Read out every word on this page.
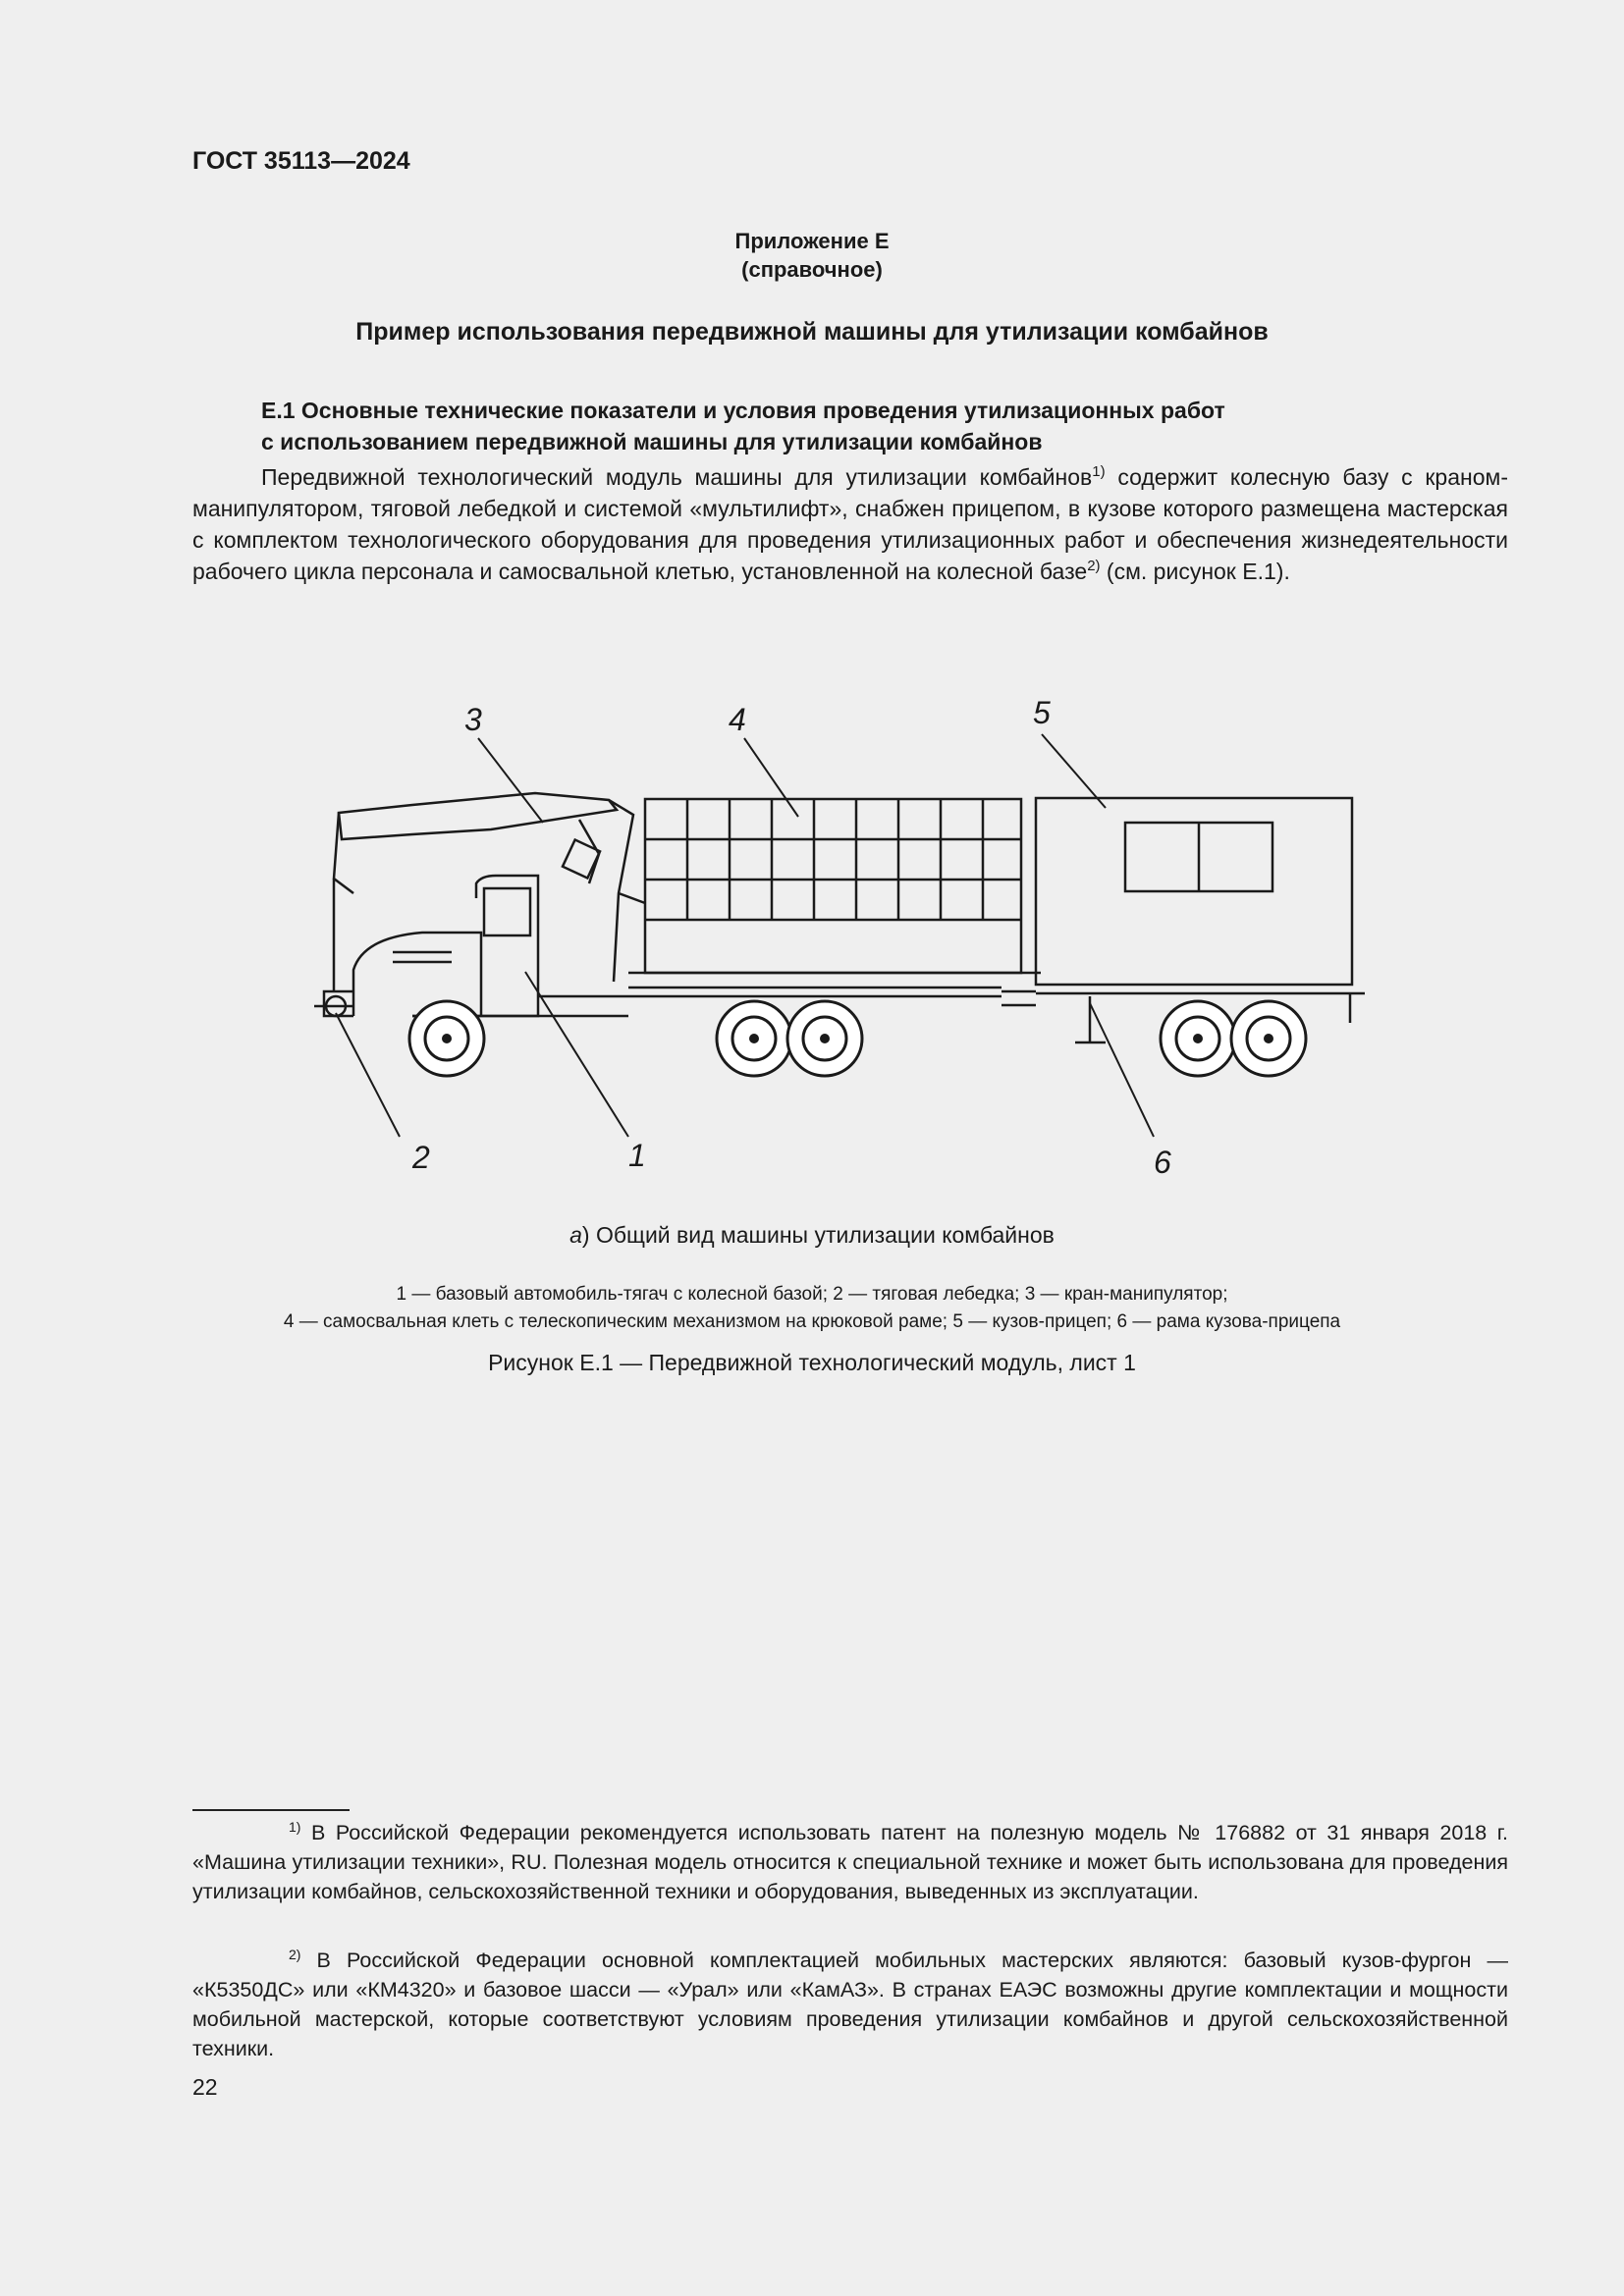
ГОСТ 35113—2024
Приложение Е
(справочное)
Пример использования передвижной машины для утилизации комбайнов
Е.1 Основные технические показатели и условия проведения утилизационных работ
с использованием передвижной машины для утилизации комбайнов

Передвижной технологический модуль машины для утилизации комбайнов$^{1)}$ содержит колесную базу с краном-манипулятором, тяговой лебедкой и системой «мультилифт», снабжен прицепом, в кузове которого размещена мастерская с комплектом технологического оборудования для проведения утилизационных работ и обеспечения жизнедеятельности рабочего цикла персонала и самосвальной клетью, установленной на колесной базе$^{2)}$ (см. рисунок Е.1).

3	4	5
2	1	6
а) Общий вид машины утилизации комбайнов
1 — базовый автомобиль-тягач с колесной базой; 2 — тяговая лебедка; 3 — кран-манипулятор;
4 — самосвальная клеть с телескопическим механизмом на крюковой раме; 5 — кузов-прицеп; 6 — рама кузова-прицепа
Рисунок Е.1 — Передвижной технологический модуль, лист 1
$^{1)}$ В Российской Федерации рекомендуется использовать патент на полезную модель № 176882 от 31 января 2018 г. «Машина утилизации техники», RU. Полезная модель относится к специальной технике и может быть использована для проведения утилизации комбайнов, сельскохозяйственной техники и оборудования, выведенных из эксплуатации.
$^{2)}$ В Российской Федерации основной комплектацией мобильных мастерских являются: базовый кузов-фургон — «К5350ДС» или «КМ4320» и базовое шасси — «Урал» или «КамАЗ». В странах ЕАЭС возможны другие комплектации и мощности мобильной мастерской, которые соответствуют условиям проведения утилизации комбайнов и другой сельскохозяйственной техники.
22
